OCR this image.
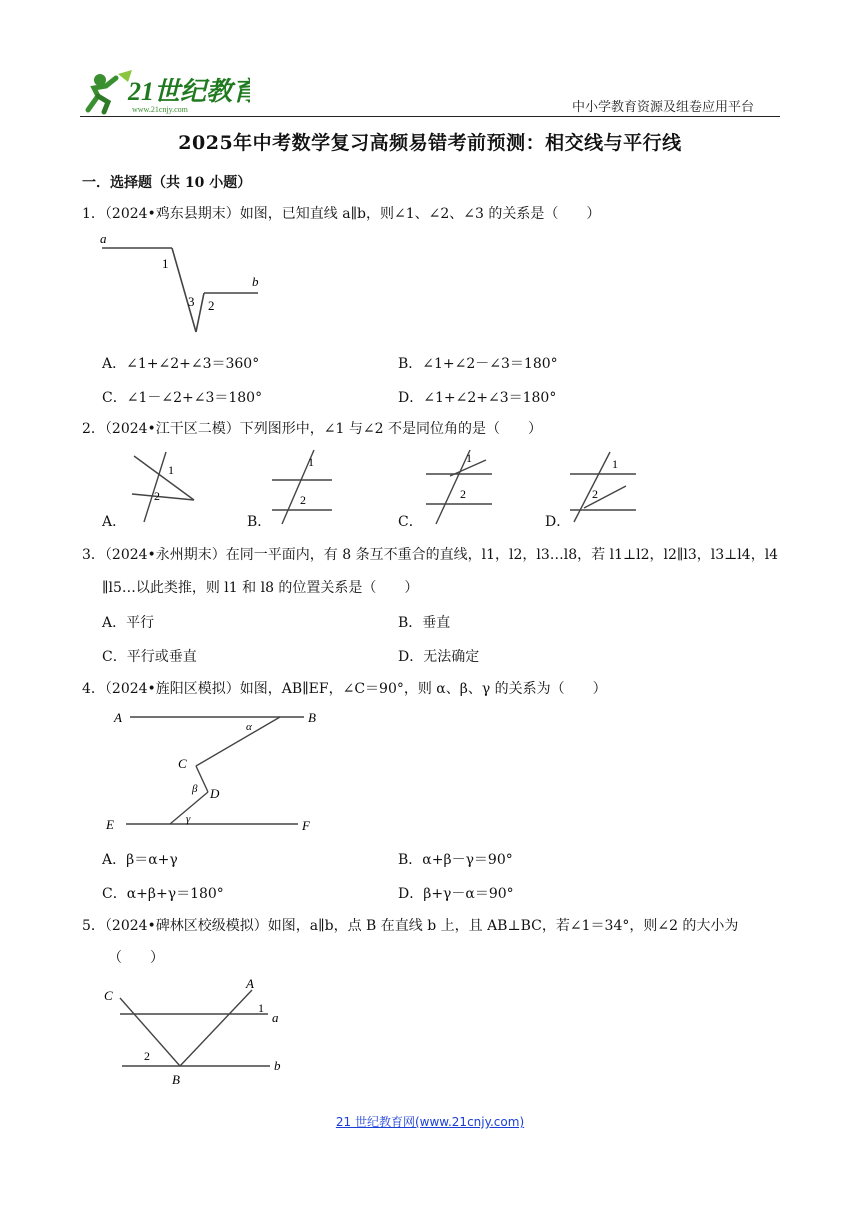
21世纪教育
www.21cnjy.com	中小学教育资源及组卷应用平台
2025年中考数学复习高频易错考前预测：相交线与平行线
一．选择题（共 10 小题）
1．（2024•鸡东县期末）如图，已知直线 a∥b，则∠1、∠2、∠3 的关系是（　　）
a
b
1
2
3
A．∠1+∠2+∠3＝360°	B．∠1+∠2－∠3＝180°
C．∠1－∠2+∠3＝180°	D．∠1+∠2+∠3＝180°
2．（2024•江干区二模）下列图形中，∠1 与∠2 不是同位角的是（　　）
A．
1
2
B．
1
2
C．
1
2
D．
1
2
3．（2024•永州期末）在同一平面内，有 8 条互不重合的直线，l1，l2，l3…l8，若 l1⊥l2，l2∥l3，l3⊥l4，l4
∥l5…以此类推，则 l1 和 l8 的位置关系是（　　）
A．平行	B．垂直
C．平行或垂直	D．无法确定
4．（2024•旌阳区模拟）如图，AB∥EF，∠C＝90°，则 α、β、γ 的关系为（　　）
A	B
C
D
E	F
α
β
γ
A．β＝α+γ	B．α+β－γ＝90°
C．α+β+γ＝180°	D．β+γ－α＝90°
5．（2024•碑林区校级模拟）如图，a∥b，点 B 在直线 b 上，且 AB⊥BC，若∠1＝34°，则∠2 的大小为
（　　）
C
A
B
a
b
1
2
21 世纪教育网(www.21cnjy.com)
